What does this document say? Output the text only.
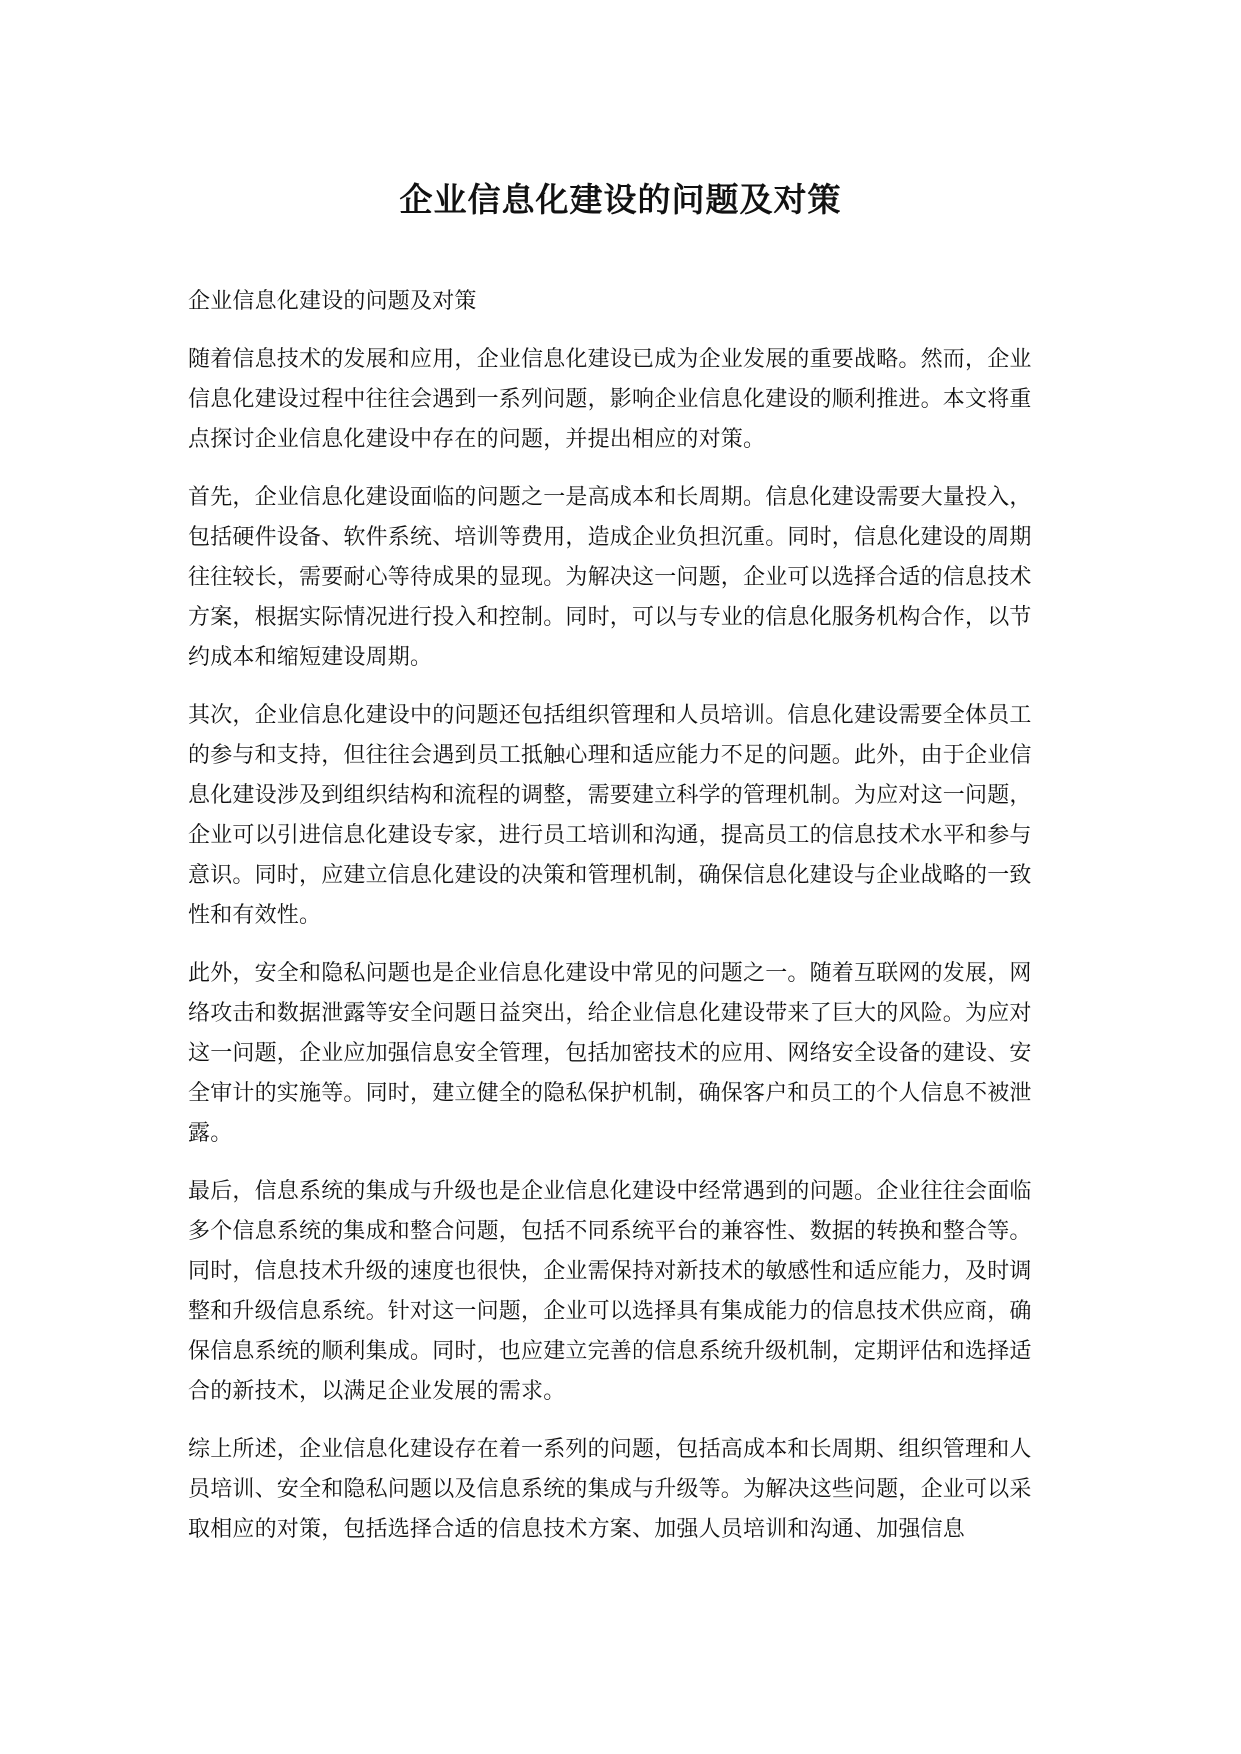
企业信息化建设的问题及对策

企业信息化建设的问题及对策

随着信息技术的发展和应用，企业信息化建设已成为企业发展的重要战略。然而，企业信息化建设过程中往往会遇到一系列问题，影响企业信息化建设的顺利推进。本文将重点探讨企业信息化建设中存在的问题，并提出相应的对策。

首先，企业信息化建设面临的问题之一是高成本和长周期。信息化建设需要大量投入，包括硬件设备、软件系统、培训等费用，造成企业负担沉重。同时，信息化建设的周期往往较长，需要耐心等待成果的显现。为解决这一问题，企业可以选择合适的信息技术方案，根据实际情况进行投入和控制。同时，可以与专业的信息化服务机构合作，以节约成本和缩短建设周期。

其次，企业信息化建设中的问题还包括组织管理和人员培训。信息化建设需要全体员工的参与和支持，但往往会遇到员工抵触心理和适应能力不足的问题。此外，由于企业信息化建设涉及到组织结构和流程的调整，需要建立科学的管理机制。为应对这一问题，企业可以引进信息化建设专家，进行员工培训和沟通，提高员工的信息技术水平和参与意识。同时，应建立信息化建设的决策和管理机制，确保信息化建设与企业战略的一致性和有效性。

此外，安全和隐私问题也是企业信息化建设中常见的问题之一。随着互联网的发展，网络攻击和数据泄露等安全问题日益突出，给企业信息化建设带来了巨大的风险。为应对这一问题，企业应加强信息安全管理，包括加密技术的应用、网络安全设备的建设、安全审计的实施等。同时，建立健全的隐私保护机制，确保客户和员工的个人信息不被泄露。

最后，信息系统的集成与升级也是企业信息化建设中经常遇到的问题。企业往往会面临多个信息系统的集成和整合问题，包括不同系统平台的兼容性、数据的转换和整合等。同时，信息技术升级的速度也很快，企业需保持对新技术的敏感性和适应能力，及时调整和升级信息系统。针对这一问题，企业可以选择具有集成能力的信息技术供应商，确保信息系统的顺利集成。同时，也应建立完善的信息系统升级机制，定期评估和选择适合的新技术，以满足企业发展的需求。

综上所述，企业信息化建设存在着一系列的问题，包括高成本和长周期、组织管理和人员培训、安全和隐私问题以及信息系统的集成与升级等。为解决这些问题，企业可以采取相应的对策，包括选择合适的信息技术方案、加强人员培训和沟通、加强信息
